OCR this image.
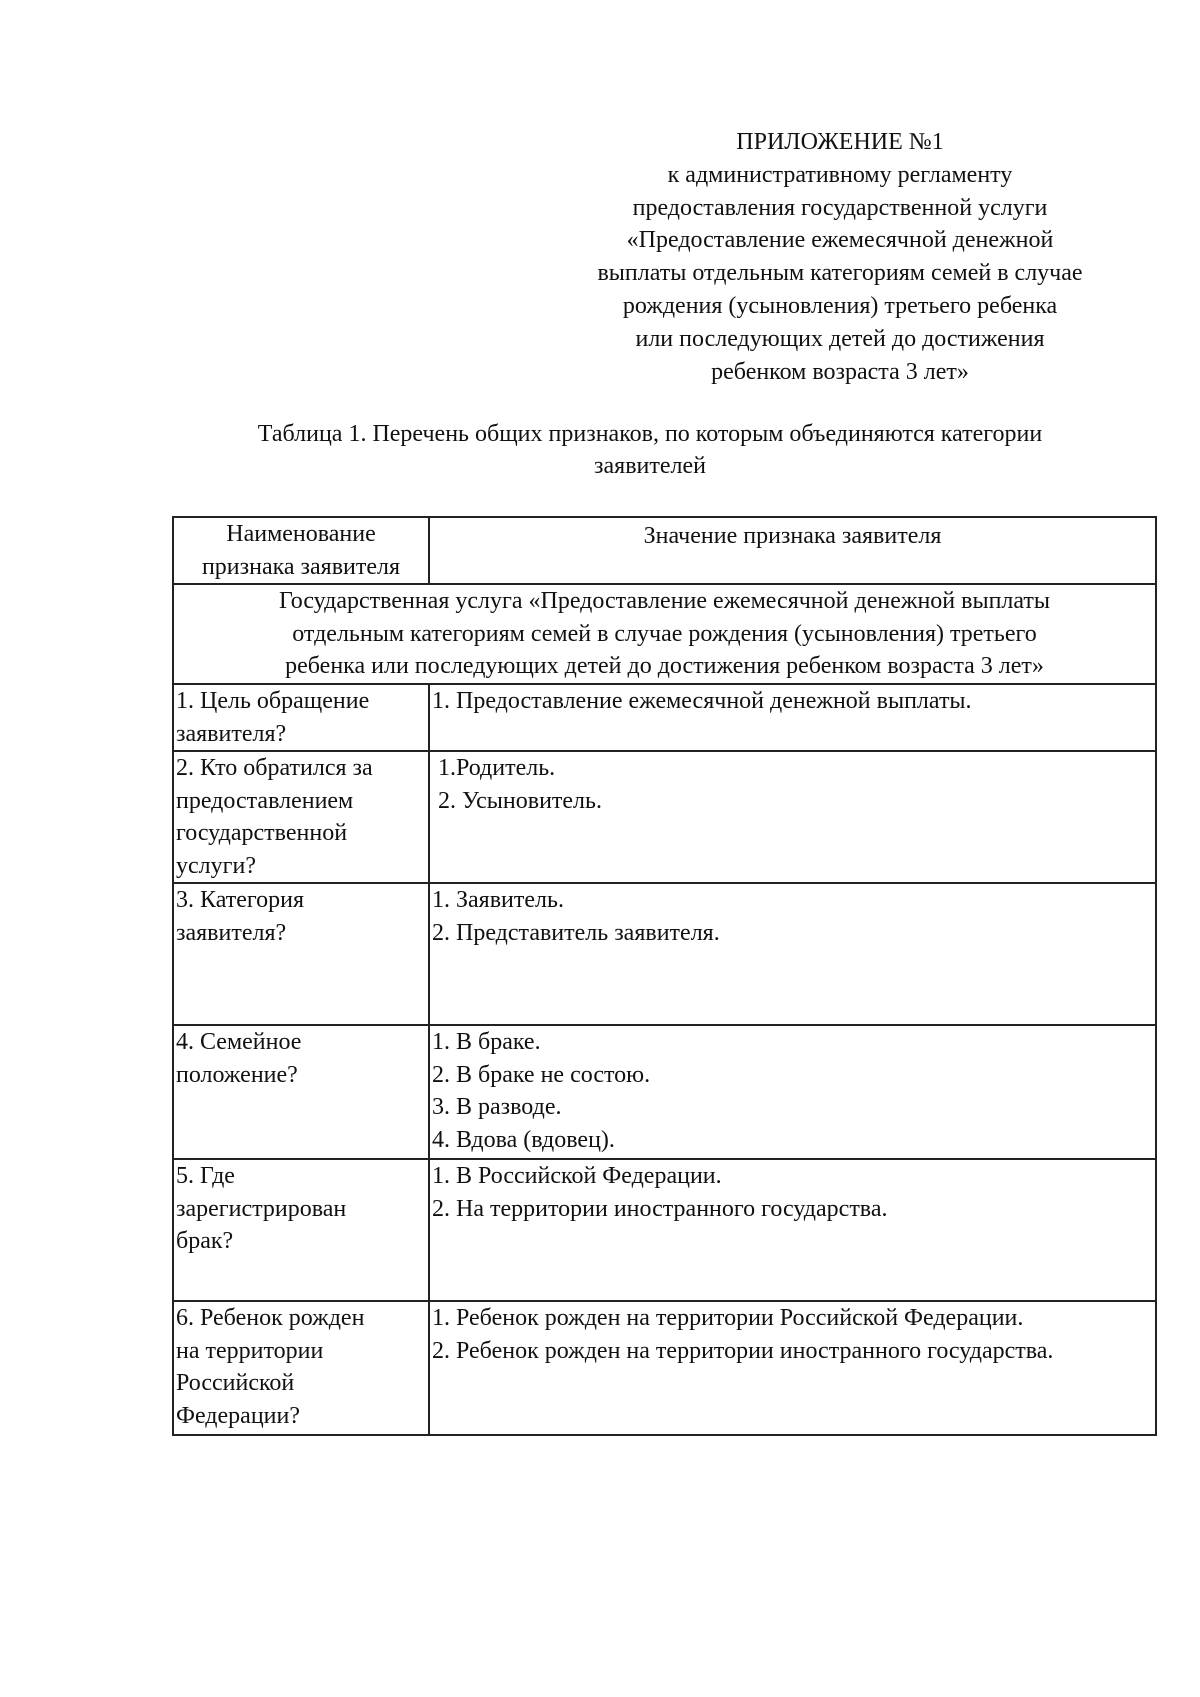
ПРИЛОЖЕНИЕ №1
к административному регламенту
предоставления государственной услуги
«Предоставление ежемесячной денежной
выплаты отдельным категориям семей в случае
рождения (усыновления) третьего ребенка
или последующих детей до достижения
ребенком возраста 3 лет»
Таблица 1. Перечень общих признаков, по которым объединяются категории
заявителей
Наименование
признака заявителя	Значение признака заявителя

Государственная услуга «Предоставление ежемесячной денежной выплаты
отдельным категориям семей в случае рождения (усыновления) третьего
ребенка или последующих детей до достижения ребенком возраста 3 лет»	

1. Цель обращение
заявителя?	1. Предоставление ежемесячной денежной выплаты.

2. Кто обратился за
предоставлением
государственной
услуги?	1.Родитель.
2. Усыновитель.

3. Категория
заявителя?	1. Заявитель.
2. Представитель заявителя.

4. Семейное
положение?	1. В браке.
2. В браке не состою.
3. В разводе.
4. Вдова (вдовец).

5. Где
зарегистрирован
брак?	1. В Российской Федерации.
2. На территории иностранного государства.

6. Ребенок рожден
на территории
Российской
Федерации?	1. Ребенок рожден на территории Российской Федерации.
2. Ребенок рожден на территории иностранного государства.
